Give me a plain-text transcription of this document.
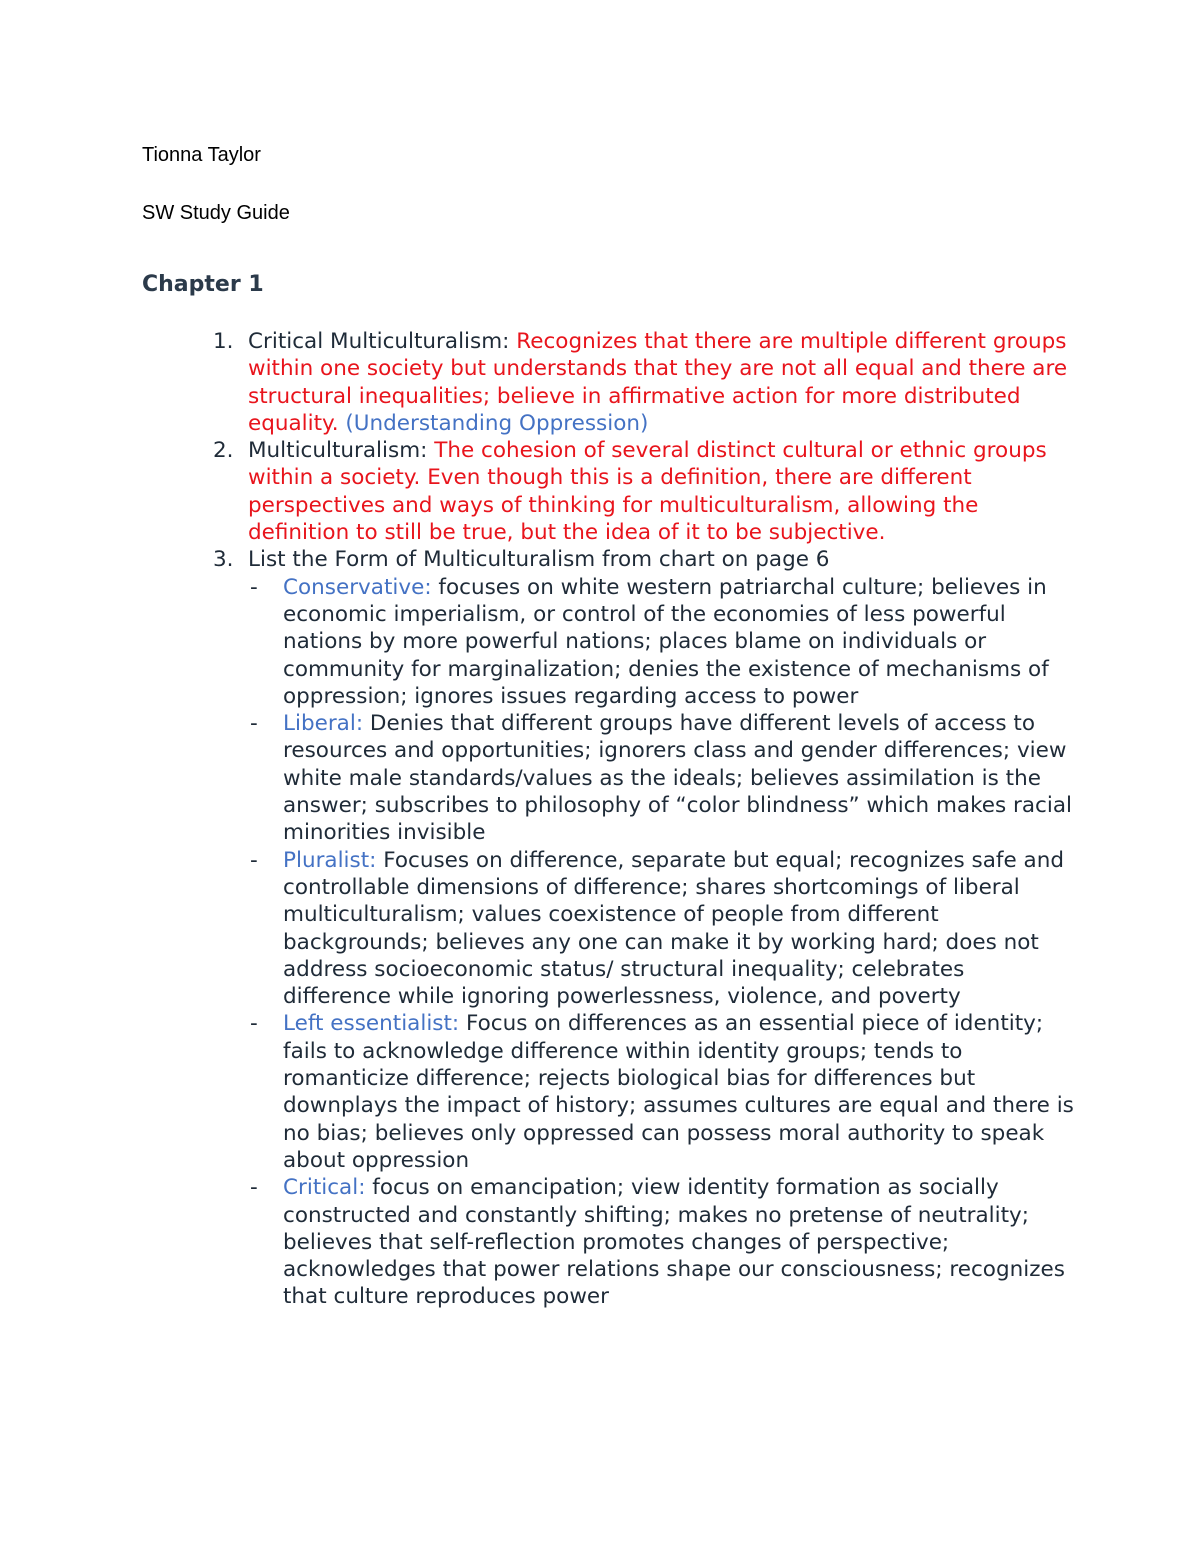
Tionna Taylor

SW Study Guide

Chapter 1
1. Critical Multiculturalism: Recognizes that there are multiple different groups within one society but understands that they are not all equal and there are structural inequalities; believe in affirmative action for more distributed equality. (Understanding Oppression)
2. Multiculturalism: The cohesion of several distinct cultural or ethnic groups within a society. Even though this is a definition, there are different perspectives and ways of thinking for multiculturalism, allowing the definition to still be true, but the idea of it to be subjective.
3. List the Form of Multiculturalism from chart on page 6
- Conservative: focuses on white western patriarchal culture; believes in economic imperialism, or control of the economies of less powerful nations by more powerful nations; places blame on individuals or community for marginalization; denies the existence of mechanisms of oppression; ignores issues regarding access to power
- Liberal: Denies that different groups have different levels of access to resources and opportunities; ignorers class and gender differences; view white male standards/values as the ideals; believes assimilation is the answer; subscribes to philosophy of “color blindness” which makes racial minorities invisible
- Pluralist: Focuses on difference, separate but equal; recognizes safe and controllable dimensions of difference; shares shortcomings of liberal multiculturalism; values coexistence of people from different backgrounds; believes any one can make it by working hard; does not address socioeconomic status/ structural inequality; celebrates difference while ignoring powerlessness, violence, and poverty
- Left essentialist: Focus on differences as an essential piece of identity; fails to acknowledge difference within identity groups; tends to romanticize difference; rejects biological bias for differences but downplays the impact of history; assumes cultures are equal and there is no bias; believes only oppressed can possess moral authority to speak about oppression
- Critical: focus on emancipation; view identity formation as socially constructed and constantly shifting; makes no pretense of neutrality; believes that self-reflection promotes changes of perspective; acknowledges that power relations shape our consciousness; recognizes that culture reproduces power
